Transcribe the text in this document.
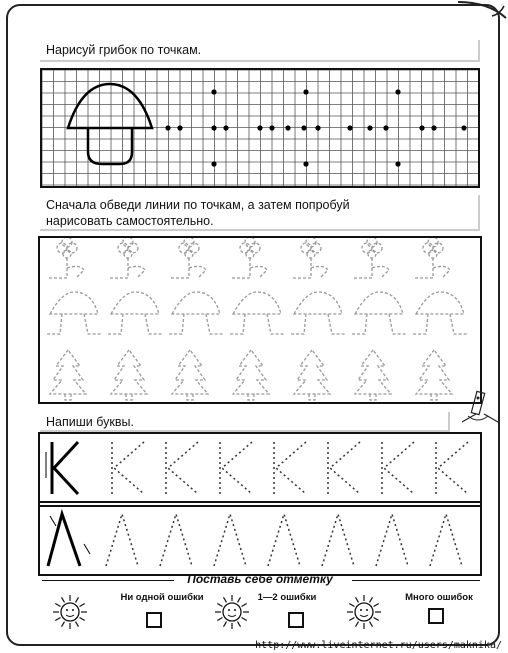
Нарисуй грибок по точкам.
Сначала обведи линии по точкам, а затем попробуй
нарисовать самостоятельно.
Напиши буквы.
Поставь себе отметку
Ни одной ошибки	1—2 ошибки	Много ошибок
http://www.liveinternet.ru/users/maknika/
